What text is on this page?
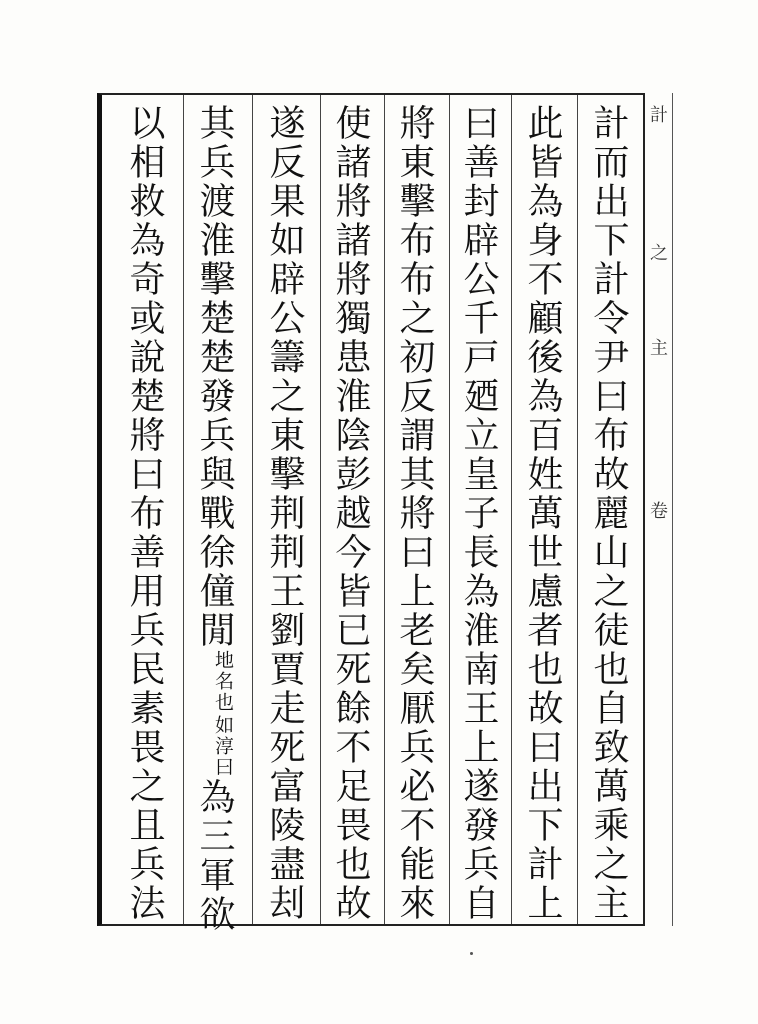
計
之
主
卷
計而出下計令尹曰布故麗山之徒也自致萬乘之主
此皆為身不顧後為百姓萬世慮者也故曰出下計上
曰善封辟公千戸廼立皇子長為淮南王上遂發兵自
將東擊布布之初反謂其將曰上老矣厭兵必不能來
使諸將諸將獨患淮陰彭越今皆已死餘不足畏也故
遂反果如辟公籌之東擊荆荆王劉賈走死富陵盡刦
其兵渡淮擊楚楚發兵與戰徐僮閒
如淳曰
地名也
為三軍欲
以相救為奇或說楚將曰布善用兵民素畏之且兵法
